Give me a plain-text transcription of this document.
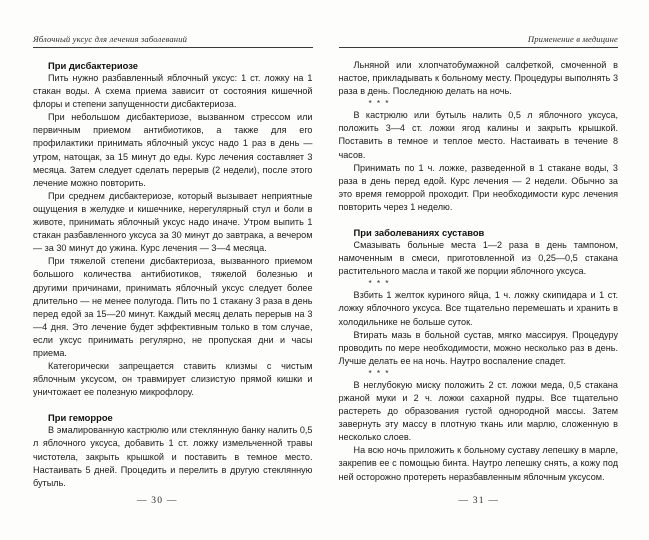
Яблочный уксус для лечения заболеваний
При дисбактериозе

Пить нужно разбавленный яблочный уксус: 1 ст. ложку на 1 стакан воды. А схема приема зависит от состояния кишечной флоры и степени запущенности дисбактериоза.

При небольшом дисбактериозе, вызванном стрессом или первичным приемом антибиотиков, а также для его профилактики принимать яблочный уксус надо 1 раз в день — утром, натощак, за 15 минут до еды. Курс лечения составляет 3 месяца. Затем следует сделать перерыв (2 недели), после этого лечение можно повторить.

При среднем дисбактериозе, который вызывает неприятные ощущения в желудке и кишечнике, нерегулярный стул и боли в животе, принимать яблочный уксус надо иначе. Утром выпить 1 стакан разбавленного уксуса за 30 минут до завтрака, а вечером — за 30 минут до ужина. Курс лечения — 3—4 месяца.

При тяжелой степени дисбактериоза, вызванного приемом большого количества антибиотиков, тяжелой болезнью и другими причинами, принимать яблочный уксус следует более длительно — не менее полугода. Пить по 1 стакану 3 раза в день перед едой за 15—20 минут. Каждый месяц делать перерыв на 3—4 дня. Это лечение будет эффективным только в том случае, если уксус принимать регулярно, не пропуская дни и часы приема.

Категорически запрещается ставить клизмы с чистым яблочным уксусом, он травмирует слизистую прямой кишки и уничтожает ее полезную микрофлору.

При геморрое

В эмалированную кастрюлю или стеклянную банку налить 0,5 л яблочного уксуса, добавить 1 ст. ложку измельченной травы чистотела, закрыть крышкой и поставить в темное место. Настаивать 5 дней. Процедить и перелить в другую стеклянную бутыль.

— 30 —
Применение в медицине

Льняной или хлопчатобумажной салфеткой, смоченной в настое, прикладывать к больному месту. Процедуры выполнять 3 раза в день. Последнюю делать на ночь.

* * *

В кастрюлю или бутыль налить 0,5 л яблочного уксуса, положить 3—4 ст. ложки ягод калины и закрыть крышкой. Поставить в темное и теплое место. Настаивать в течение 8 часов.

Принимать по 1 ч. ложке, разведенной в 1 стакане воды, 3 раза в день перед едой. Курс лечения — 2 недели. Обычно за это время геморрой проходит. При необходимости курс лечения повторить через 1 неделю.

При заболеваниях суставов

Смазывать больные места 1—2 раза в день тампоном, намоченным в смеси, приготовленной из 0,25—0,5 стакана растительного масла и такой же порции яблочного уксуса.

* * *

Взбить 1 желток куриного яйца, 1 ч. ложку скипидара и 1 ст. ложку яблочного уксуса. Все тщательно перемешать и хранить в холодильнике не больше суток.

Втирать мазь в больной сустав, мягко массируя. Процедуру проводить по мере необходимости, можно несколько раз в день. Лучше делать ее на ночь. Наутро воспаление спадет.

* * *

В неглубокую миску положить 2 ст. ложки меда, 0,5 стакана ржаной муки и 2 ч. ложки сахарной пудры. Все тщательно растереть до образования густой однородной массы. Затем завернуть эту массу в плотную ткань или марлю, сложенную в несколько слоев.

На всю ночь приложить к больному суставу лепешку в марле, закрепив ее с помощью бинта. Наутро лепешку снять, а кожу под ней осторожно протереть неразбавленным яблочным уксусом.

— 31 —
